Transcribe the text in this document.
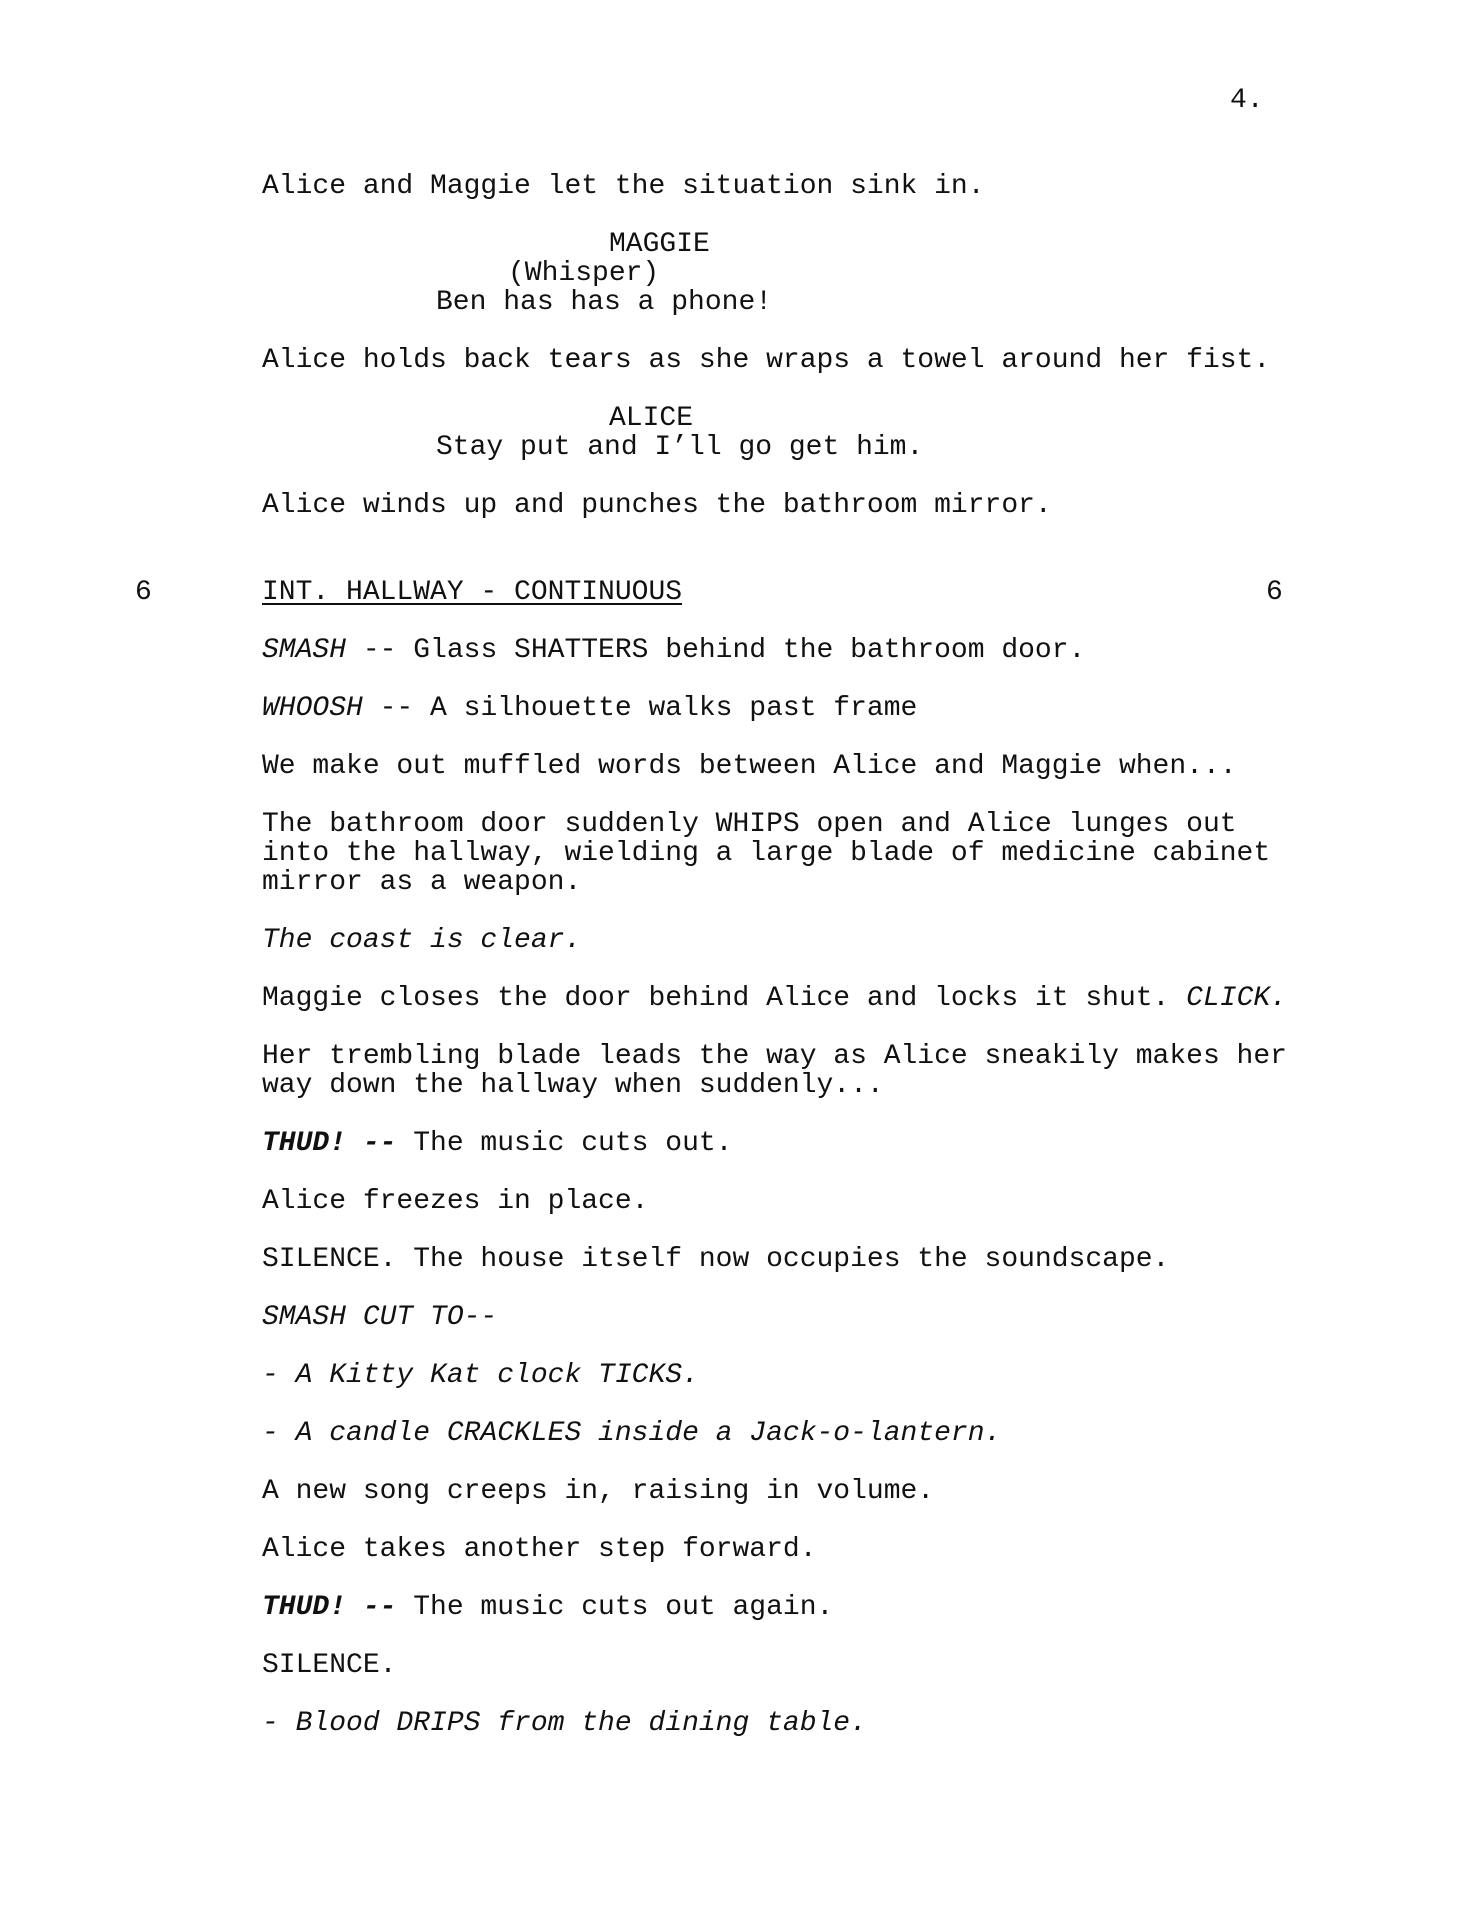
4.
Alice and Maggie let the situation sink in.
MAGGIE
(Whisper)
Ben has has a phone!
Alice holds back tears as she wraps a towel around her fist.
ALICE
Stay put and I’ll go get him.
Alice winds up and punches the bathroom mirror.
6	INT. HALLWAY - CONTINUOUS	6
SMASH -- Glass SHATTERS behind the bathroom door.
WHOOSH -- A silhouette walks past frame
We make out muffled words between Alice and Maggie when...
The bathroom door suddenly WHIPS open and Alice lunges out
into the hallway, wielding a large blade of medicine cabinet
mirror as a weapon.
The coast is clear.
Maggie closes the door behind Alice and locks it shut. CLICK.
Her trembling blade leads the way as Alice sneakily makes her
way down the hallway when suddenly...
THUD! -- The music cuts out.
Alice freezes in place.
SILENCE. The house itself now occupies the soundscape.
SMASH CUT TO--
- A Kitty Kat clock TICKS.
- A candle CRACKLES inside a Jack-o-lantern.
A new song creeps in, raising in volume.
Alice takes another step forward.
THUD! -- The music cuts out again.
SILENCE.
- Blood DRIPS from the dining table.
